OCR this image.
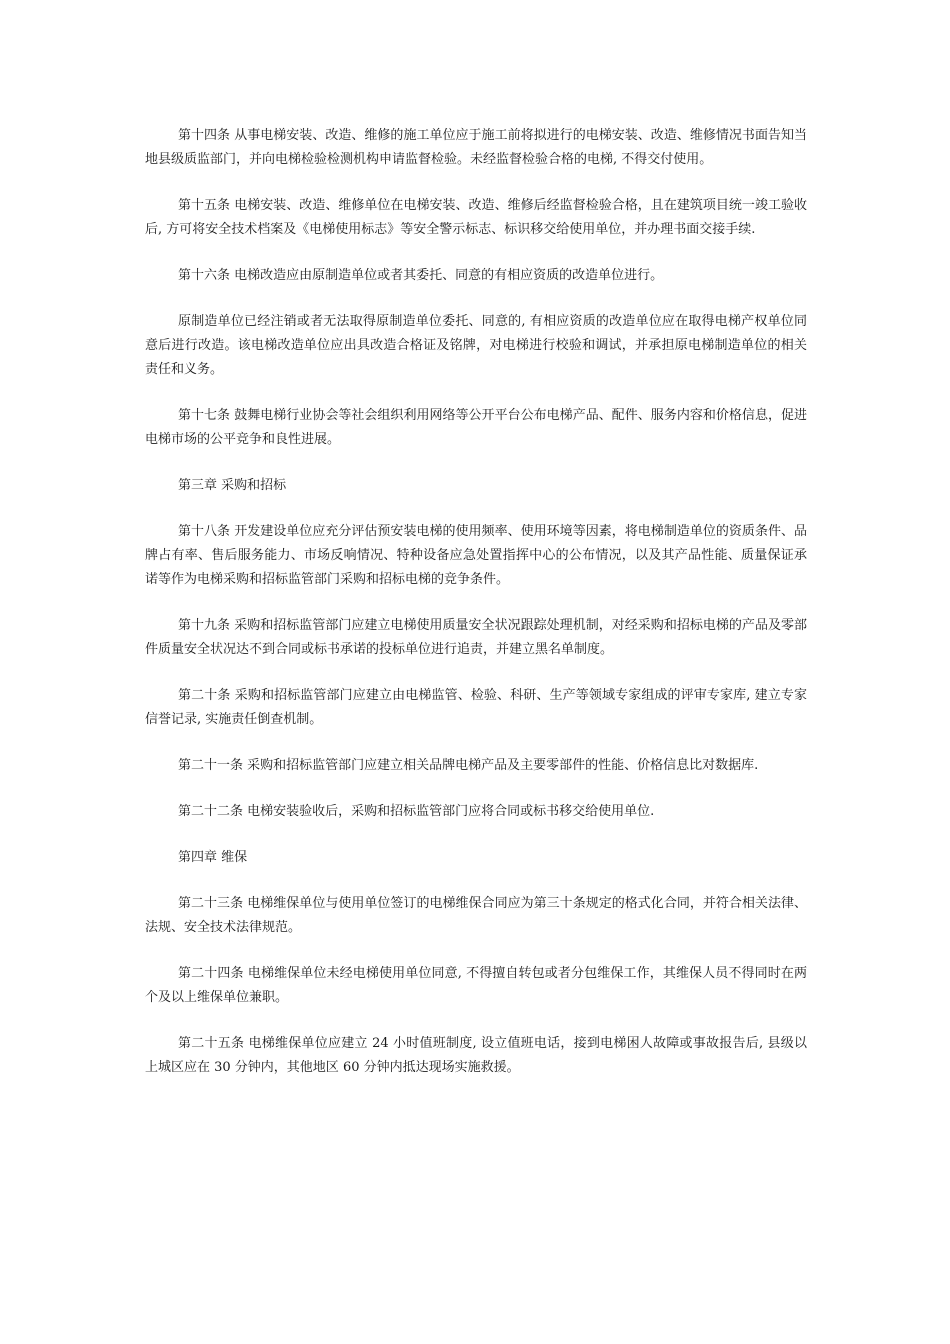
第十四条 从事电梯安装、改造、维修的施工单位应于施工前将拟进行的电梯安装、改造、维修情况书面告知当地县级质监部门，并向电梯检验检测机构申请监督检验。未经监督检验合格的电梯, 不得交付使用。

第十五条 电梯安装、改造、维修单位在电梯安装、改造、维修后经监督检验合格，且在建筑项目统一竣工验收后, 方可将安全技术档案及《电梯使用标志》等安全警示标志、标识移交给使用单位，并办理书面交接手续.

第十六条 电梯改造应由原制造单位或者其委托、同意的有相应资质的改造单位进行。

原制造单位已经注销或者无法取得原制造单位委托、同意的, 有相应资质的改造单位应在取得电梯产权单位同意后进行改造。该电梯改造单位应出具改造合格证及铭牌，对电梯进行校验和调试，并承担原电梯制造单位的相关责任和义务。

第十七条 鼓舞电梯行业协会等社会组织利用网络等公开平台公布电梯产品、配件、服务内容和价格信息，促进电梯市场的公平竞争和良性进展。

第三章 采购和招标

第十八条 开发建设单位应充分评估预安装电梯的使用频率、使用环境等因素，将电梯制造单位的资质条件、品牌占有率、售后服务能力、市场反响情况、特种设备应急处置指挥中心的公布情况，以及其产品性能、质量保证承诺等作为电梯采购和招标监管部门采购和招标电梯的竞争条件。

第十九条 采购和招标监管部门应建立电梯使用质量安全状况跟踪处理机制，对经采购和招标电梯的产品及零部件质量安全状况达不到合同或标书承诺的投标单位进行追责，并建立黑名单制度。

第二十条 采购和招标监管部门应建立由电梯监管、检验、科研、生产等领域专家组成的评审专家库, 建立专家信誉记录, 实施责任倒查机制。

第二十一条 采购和招标监管部门应建立相关品牌电梯产品及主要零部件的性能、价格信息比对数据库.

第二十二条 电梯安装验收后，采购和招标监管部门应将合同或标书移交给使用单位.

第四章 维保

第二十三条 电梯维保单位与使用单位签订的电梯维保合同应为第三十条规定的格式化合同，并符合相关法律、法规、安全技术法律规范。

第二十四条 电梯维保单位未经电梯使用单位同意, 不得擅自转包或者分包维保工作，其维保人员不得同时在两个及以上维保单位兼职。

第二十五条 电梯维保单位应建立 24 小时值班制度, 设立值班电话，接到电梯困人故障或事故报告后, 县级以上城区应在 30 分钟内，其他地区 60 分钟内抵达现场实施救援。
